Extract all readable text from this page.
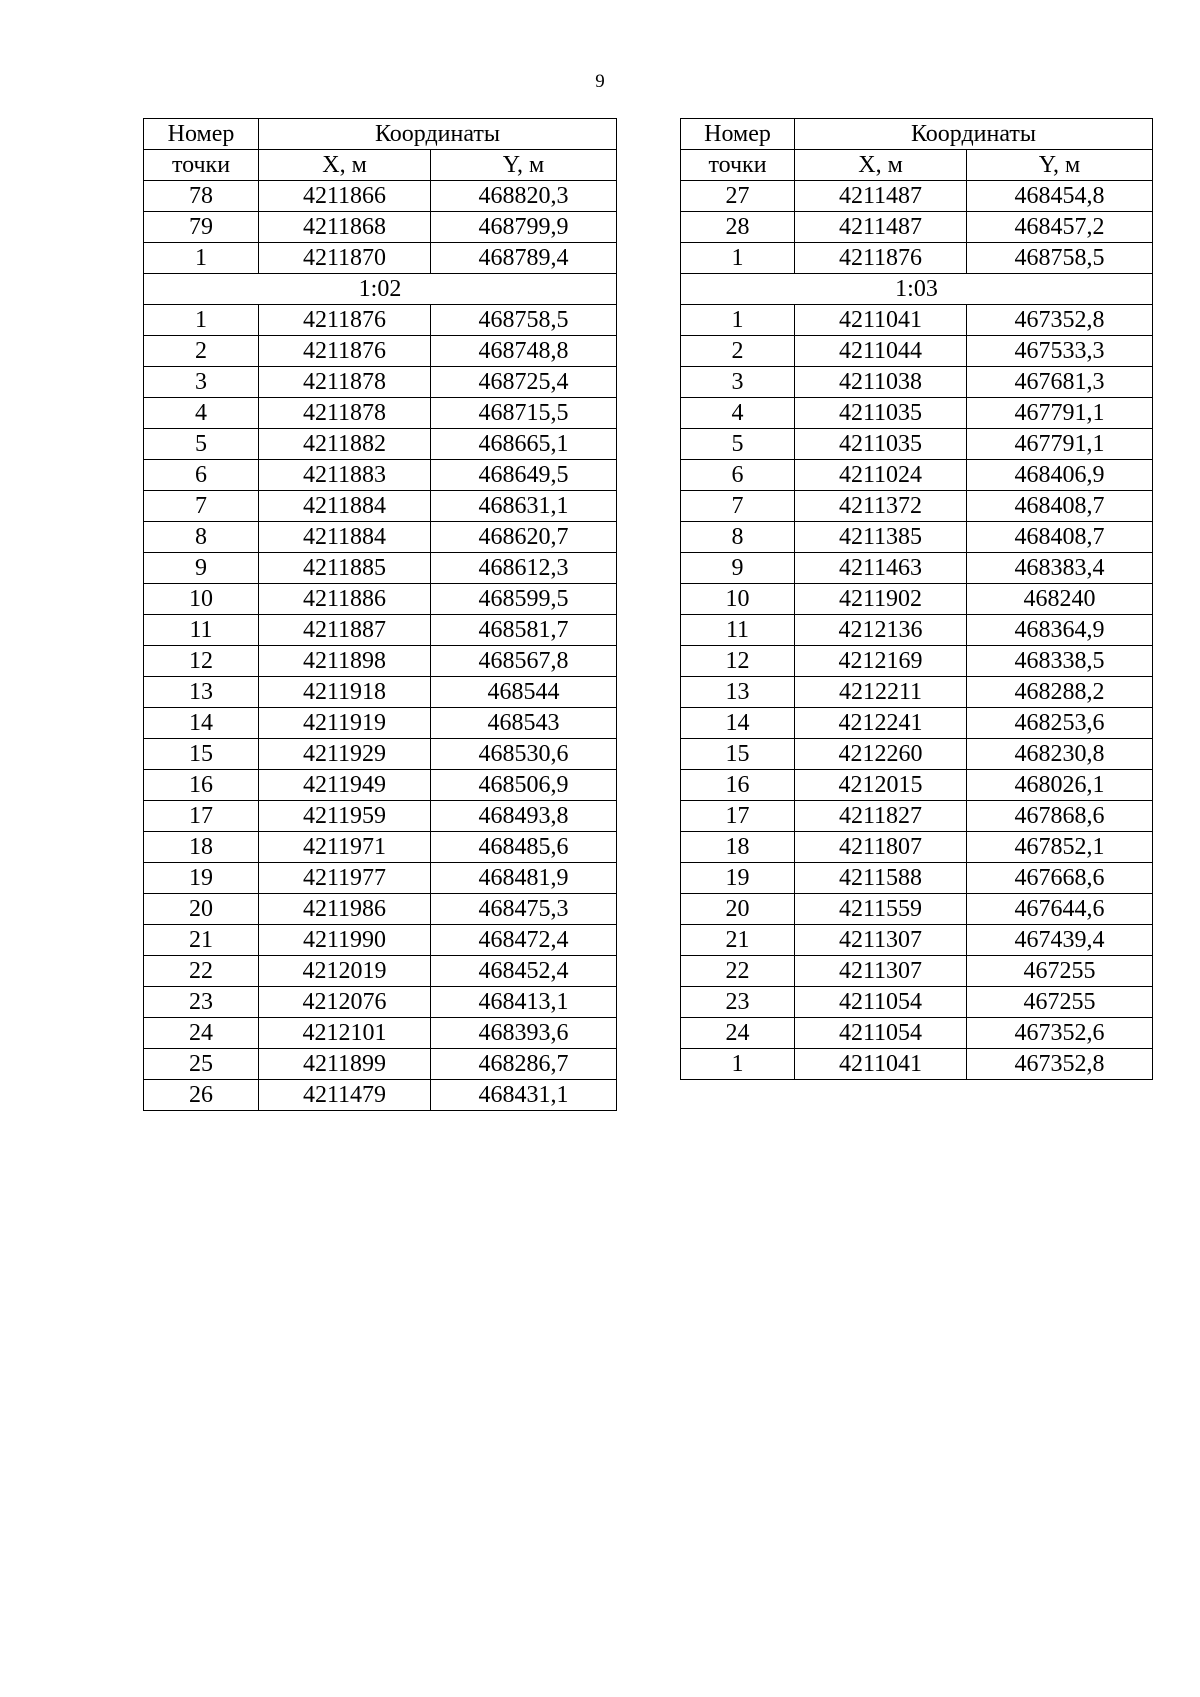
9
Номер	Координаты	
точки	X, м	Y, м
78	4211866	468820,3
79	4211868	468799,9
1	4211870	468789,4
1:02		
1	4211876	468758,5
2	4211876	468748,8
3	4211878	468725,4
4	4211878	468715,5
5	4211882	468665,1
6	4211883	468649,5
7	4211884	468631,1
8	4211884	468620,7
9	4211885	468612,3
10	4211886	468599,5
11	4211887	468581,7
12	4211898	468567,8
13	4211918	468544
14	4211919	468543
15	4211929	468530,6
16	4211949	468506,9
17	4211959	468493,8
18	4211971	468485,6
19	4211977	468481,9
20	4211986	468475,3
21	4211990	468472,4
22	4212019	468452,4
23	4212076	468413,1
24	4212101	468393,6
25	4211899	468286,7
26	4211479	468431,1
Номер	Координаты	
точки	X, м	Y, м
27	4211487	468454,8
28	4211487	468457,2
1	4211876	468758,5
1:03		
1	4211041	467352,8
2	4211044	467533,3
3	4211038	467681,3
4	4211035	467791,1
5	4211035	467791,1
6	4211024	468406,9
7	4211372	468408,7
8	4211385	468408,7
9	4211463	468383,4
10	4211902	468240
11	4212136	468364,9
12	4212169	468338,5
13	4212211	468288,2
14	4212241	468253,6
15	4212260	468230,8
16	4212015	468026,1
17	4211827	467868,6
18	4211807	467852,1
19	4211588	467668,6
20	4211559	467644,6
21	4211307	467439,4
22	4211307	467255
23	4211054	467255
24	4211054	467352,6
1	4211041	467352,8
